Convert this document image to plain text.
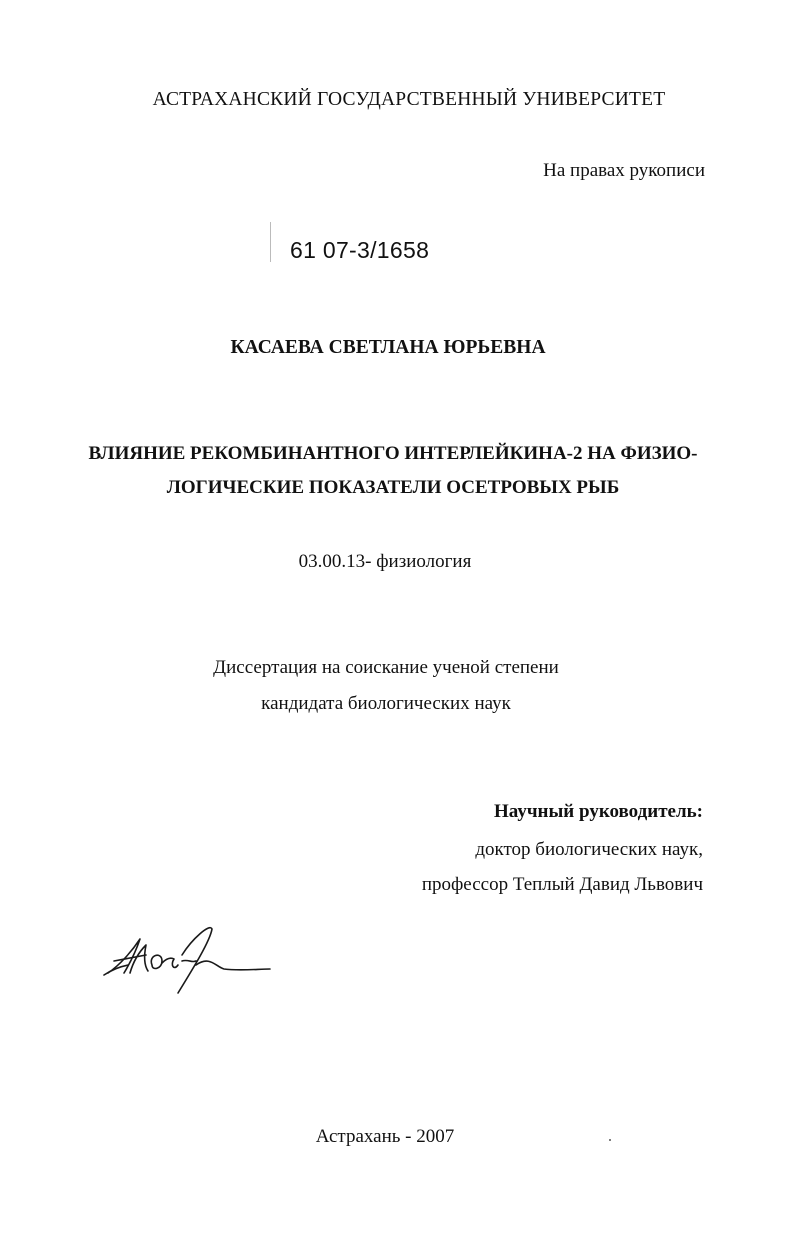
АСТРАХАНСКИЙ ГОСУДАРСТВЕННЫЙ УНИВЕРСИТЕТ
На правах рукописи
61 07-3/1658
КАСАЕВА СВЕТЛАНА ЮРЬЕВНА
ВЛИЯНИЕ РЕКОМБИНАНТНОГО ИНТЕРЛЕЙКИНА-2 НА ФИЗИО-
ЛОГИЧЕСКИЕ ПОКАЗАТЕЛИ ОСЕТРОВЫХ РЫБ
03.00.13- физиология
Диссертация на соискание ученой степени
кандидата биологических наук
Научный руководитель:
доктор биологических наук,
профессор Теплый Давид Львович
Астрахань - 2007
